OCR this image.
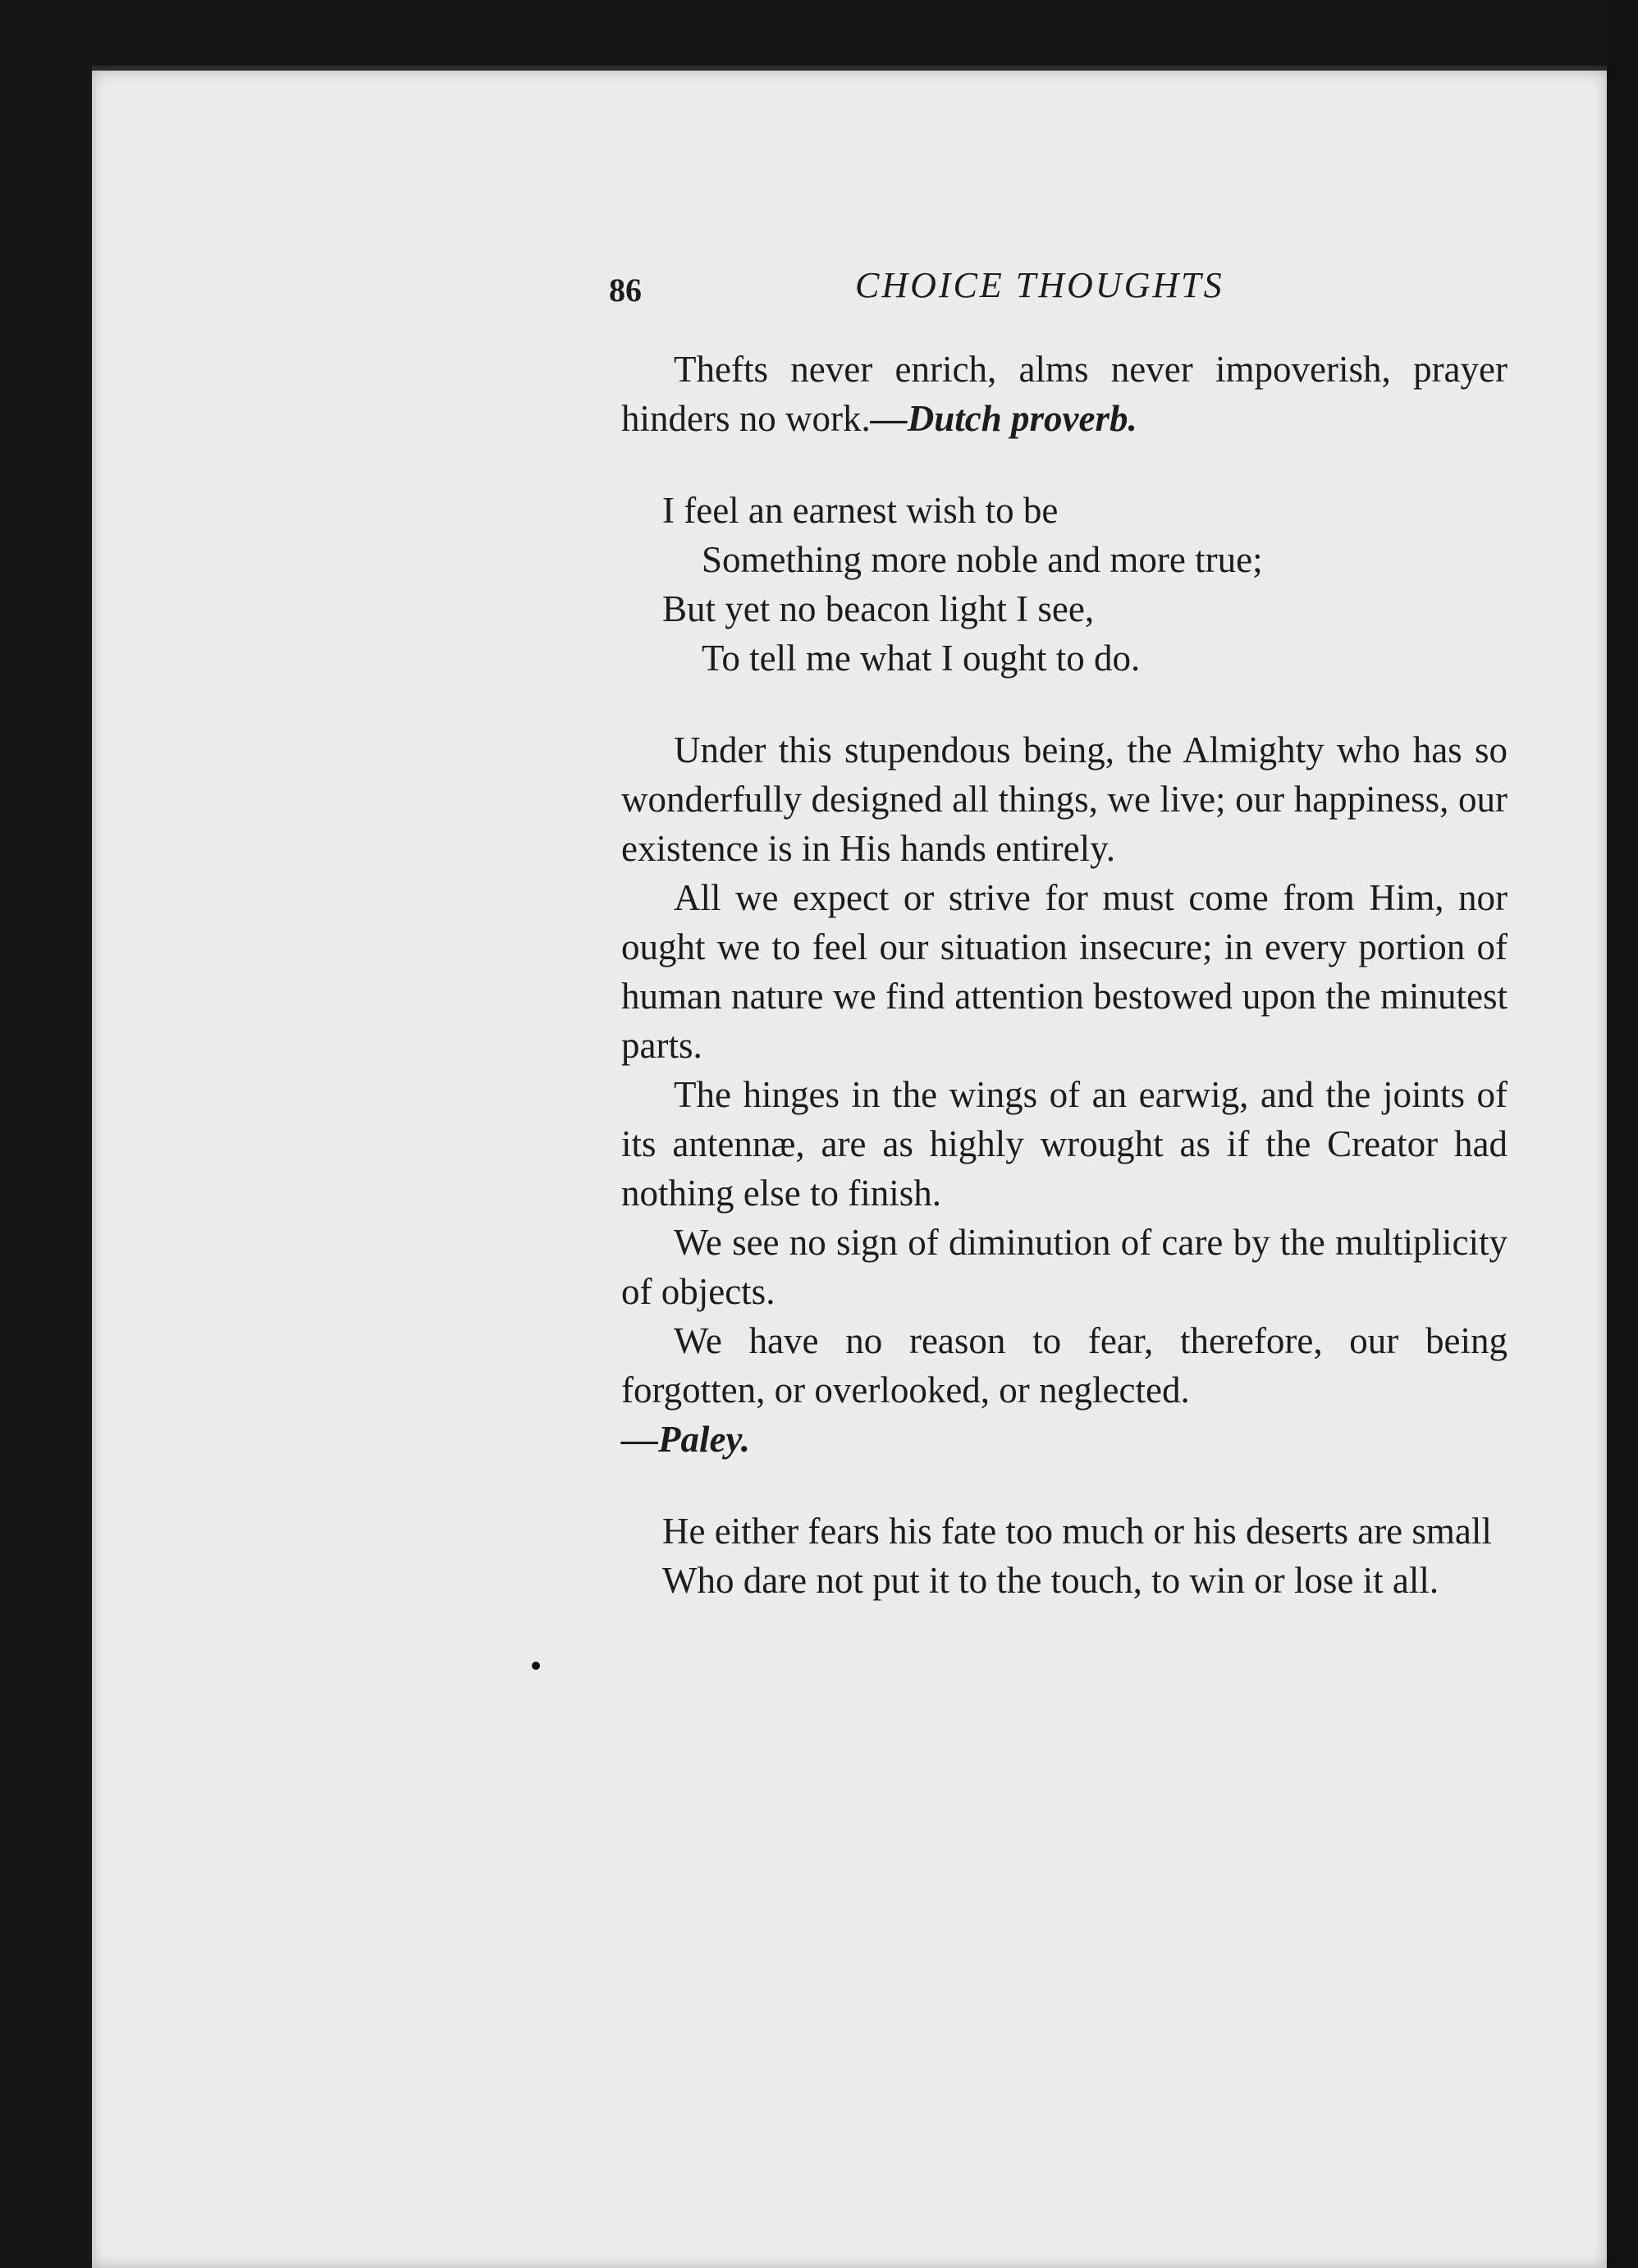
86	CHOICE THOUGHTS

Thefts never enrich, alms never impoverish, prayer hinders no work.—Dutch proverb.

I feel an earnest wish to be
Something more noble and more true;
But yet no beacon light I see,
To tell me what I ought to do.

Under this stupendous being, the Almighty who has so wonderfully designed all things, we live; our happiness, our existence is in His hands entirely.

All we expect or strive for must come from Him, nor ought we to feel our situation insecure; in every portion of human nature we find attention bestowed upon the minutest parts.

The hinges in the wings of an earwig, and the joints of its antennæ, are as highly wrought as if the Creator had nothing else to finish.

We see no sign of diminution of care by the multiplicity of objects.

We have no reason to fear, therefore, our being forgotten, or overlooked, or neglected.

—Paley.

He either fears his fate too much or his deserts are small

Who dare not put it to the touch, to win or lose it all.
